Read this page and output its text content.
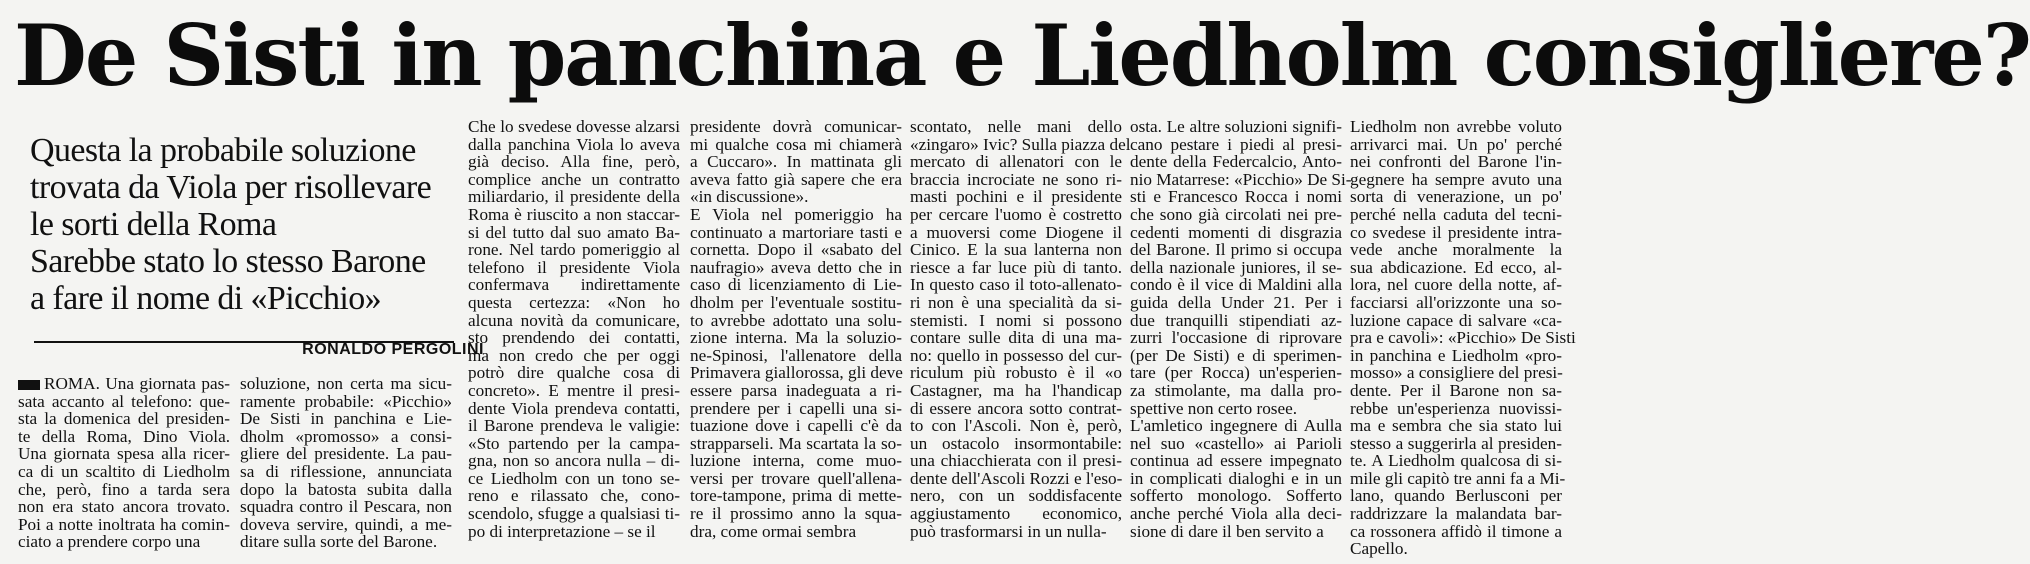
De Sisti in panchina e Liedholm consigliere?
Questa la probabile soluzione
trovata da Viola per risollevare
le sorti della Roma
Sarebbe stato lo stesso Barone
a fare il nome di «Picchio»
RONALDO PERGOLINI
ROMA. Una giornata pas-
sata accanto al telefono: que-
sta la domenica del presiden-
te della Roma, Dino Viola.
Una giornata spesa alla ricer-
ca di un scaltito di Liedholm
che, però, fino a tarda sera
non era stato ancora trovato.
Poi a notte inoltrata ha comin-
ciato a prendere corpo una
soluzione, non certa ma sicu-
ramente probabile: «Picchio»
De Sisti in panchina e Lie-
dholm «promosso» a consi-
gliere del presidente. La pau-
sa di riflessione, annunciata
dopo la batosta subita dalla
squadra contro il Pescara, non
doveva servire, quindi, a me-
ditare sulla sorte del Barone.
Che lo svedese dovesse alzarsi
dalla panchina Viola lo aveva
già deciso. Alla fine, però,
complice anche un contratto
miliardario, il presidente della
Roma è riuscito a non staccar-
si del tutto dal suo amato Ba-
rone. Nel tardo pomeriggio al
telefono il presidente Viola
confermava indirettamente
questa certezza: «Non ho
alcuna novità da comunicare,
sto prendendo dei contatti,
ma non credo che per oggi
potrò dire qualche cosa di
concreto». E mentre il presi-
dente Viola prendeva contatti,
il Barone prendeva le valigie:
«Sto partendo per la campa-
gna, non so ancora nulla – di-
ce Liedholm con un tono se-
reno e rilassato che, cono-
scendolo, sfugge a qualsiasi ti-
po di interpretazione – se il
presidente dovrà comunicar-
mi qualche cosa mi chiamerà
a Cuccaro». In mattinata gli
aveva fatto già sapere che era
«in discussione».
E Viola nel pomeriggio ha
continuato a martoriare tasti e
cornetta. Dopo il «sabato del
naufragio» aveva detto che in
caso di licenziamento di Lie-
dholm per l'eventuale sostitu-
to avrebbe adottato una solu-
zione interna. Ma la soluzio-
ne-Spinosi, l'allenatore della
Primavera giallorossa, gli deve
essere parsa inadeguata a ri-
prendere per i capelli una si-
tuazione dove i capelli c'è da
strapparseli. Ma scartata la so-
luzione interna, come muo-
versi per trovare quell'allena-
tore-tampone, prima di mette-
re il prossimo anno la squa-
dra, come ormai sembra
scontato, nelle mani dello
«zingaro» Ivic? Sulla piazza del
mercato di allenatori con le
braccia incrociate ne sono ri-
masti pochini e il presidente
per cercare l'uomo è costretto
a muoversi come Diogene il
Cinico. E la sua lanterna non
riesce a far luce più di tanto.
In questo caso il toto-allenato-
ri non è una specialità da si-
stemisti. I nomi si possono
contare sulle dita di una ma-
no: quello in possesso del cur-
riculum più robusto è il «o
Castagner, ma ha l'handicap
di essere ancora sotto contrat-
to con l'Ascoli. Non è, però,
un ostacolo insormontabile:
una chiacchierata con il presi-
dente dell'Ascoli Rozzi e l'eso-
nero, con un soddisfacente
aggiustamento economico,
può trasformarsi in un nulla-
osta. Le altre soluzioni signifi-
cano pestare i piedi al presi-
dente della Federcalcio, Anto-
nio Matarrese: «Picchio» De Si-
sti e Francesco Rocca i nomi
che sono già circolati nei pre-
cedenti momenti di disgrazia
del Barone. Il primo si occupa
della nazionale juniores, il se-
condo è il vice di Maldini alla
guida della Under 21. Per i
due tranquilli stipendiati az-
zurri l'occasione di riprovare
(per De Sisti) e di sperimen-
tare (per Rocca) un'esperien-
za stimolante, ma dalla pro-
spettive non certo rosee.
L'amletico ingegnere di Aulla
nel suo «castello» ai Parioli
continua ad essere impegnato
in complicati dialoghi e in un
sofferto monologo. Sofferto
anche perché Viola alla deci-
sione di dare il ben servito a
Liedholm non avrebbe voluto
arrivarci mai. Un po' perché
nei confronti del Barone l'in-
gegnere ha sempre avuto una
sorta di venerazione, un po'
perché nella caduta del tecni-
co svedese il presidente intra-
vede anche moralmente la
sua abdicazione. Ed ecco, al-
lora, nel cuore della notte, af-
facciarsi all'orizzonte una so-
luzione capace di salvare «ca-
pra e cavoli»: «Picchio» De Sisti
in panchina e Liedholm «pro-
mosso» a consigliere del presi-
dente. Per il Barone non sa-
rebbe un'esperienza nuovissi-
ma e sembra che sia stato lui
stesso a suggerirla al presiden-
te. A Liedholm qualcosa di si-
mile gli capitò tre anni fa a Mi-
lano, quando Berlusconi per
raddrizzare la malandata bar-
ca rossonera affidò il timone a
Capello.
